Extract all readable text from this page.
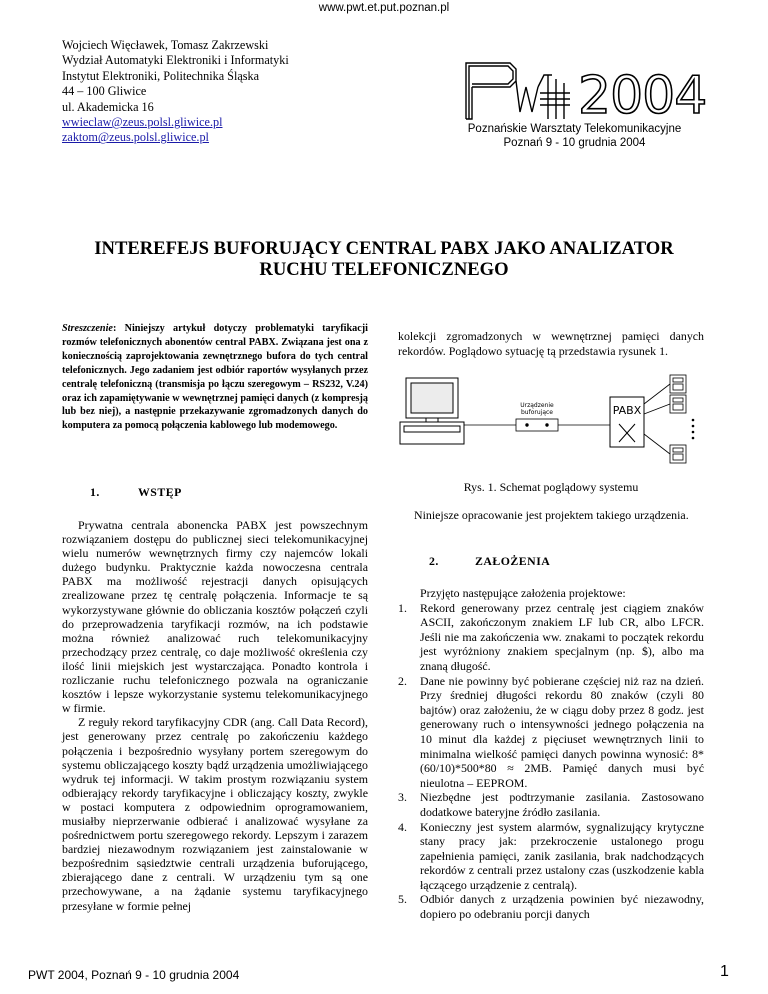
www.pwt.et.put.poznan.pl
Wojciech Więcławek, Tomasz Zakrzewski
Wydział Automatyki Elektroniki i Informatyki
Instytut Elektroniki, Politechnika Śląska
44 – 100 Gliwice
ul. Akademicka 16
wwieclaw@zeus.polsl.gliwice.pl
zaktom@zeus.polsl.gliwice.pl
2004
Poznańskie Warsztaty Telekomunikacyjne
Poznań 9 - 10 grudnia 2004
INTEREFEJS BUFORUJĄCY CENTRAL PABX JAKO ANALIZATOR
RUCHU TELEFONICZNEGO
Streszczenie: Niniejszy artykuł dotyczy problematyki taryfikacji rozmów telefonicznych abonentów central PABX. Związana jest ona z koniecznością zaprojektowania zewnętrznego bufora do tych central telefonicznych. Jego zadaniem jest odbiór raportów wysyłanych przez centralę telefoniczną (transmisja po łączu szeregowym – RS232, V.24) oraz ich zapamiętywanie w wewnętrznej pamięci danych (z kompresją lub bez niej), a następnie przekazywanie zgromadzonych danych do komputera za pomocą połączenia kablowego lub modemowego.
1.	WSTĘP

Prywatna centrala abonencka PABX jest powszechnym rozwiązaniem dostępu do publicznej sieci telekomunikacyjnej wielu numerów wewnętrznych firmy czy najemców lokali dużego budynku. Praktycznie każda nowoczesna centrala PABX ma możliwość rejestracji danych opisujących zrealizowane przez tę centralę połączenia. Informacje te są wykorzystywane głównie do obliczania kosztów połączeń czyli do przeprowadzenia taryfikacji rozmów, na ich podstawie można również analizować ruch telekomunikacyjny przechodzący przez centralę, co daje możliwość określenia czy ilość linii miejskich jest wystarczająca. Ponadto kontrola i rozliczanie ruchu telefonicznego pozwala na ograniczanie kosztów i lepsze wykorzystanie systemu telekomunikacyjnego w firmie.

Z reguły rekord taryfikacyjny CDR (ang. Call Data Record), jest generowany przez centralę po zakończeniu każdego połączenia i bezpośrednio wysyłany portem szeregowym do systemu obliczającego koszty bądź urządzenia umożliwiającego wydruk tej informacji. W takim prostym rozwiązaniu system odbierający rekordy taryfikacyjne i obliczający koszty, zwykle w postaci komputera z odpowiednim oprogramowaniem, musiałby nieprzerwanie odbierać i analizować wysyłane za pośrednictwem portu szeregowego rekordy. Lepszym i zarazem bardziej niezawodnym rozwiązaniem jest zainstalowanie w bezpośrednim sąsiedztwie centrali urządzenia buforującego, zbierającego dane z centrali. W urządzeniu tym są one przechowywane, a na żądanie systemu taryfikacyjnego przesyłane w formie pełnej

kolekcji zgromadzonych w wewnętrznej pamięci danych rekordów. Poglądowo sytuację tą przedstawia rysunek 1.
Urządzenie
buforujące	PABX
Rys. 1. Schemat poglądowy systemu

Niniejsze opracowanie jest projektem takiego urządzenia.

2.	ZAŁOŻENIA
Przyjęto następujące założenia projektowe:
1. Rekord generowany przez centralę jest ciągiem znaków ASCII, zakończonym znakiem LF lub CR, albo LFCR. Jeśli nie ma zakończenia ww. znakami to początek rekordu jest wyróżniony znakiem specjalnym (np. $), albo ma znaną długość.
2. Dane nie powinny być pobierane częściej niż raz na dzień. Przy średniej długości rekordu 80 znaków (czyli 80 bajtów) oraz założeniu, że w ciągu doby przez 8 godz. jest generowany ruch o intensywności jednego połączenia na 10 minut dla każdej z pięciuset wewnętrznych linii to minimalna wielkość pamięci danych powinna wynosić: 8*(60/10)*500*80 ≈ 2MB. Pamięć danych musi być nieulotna – EEPROM.
3. Niezbędne jest podtrzymanie zasilania. Zastosowano dodatkowe bateryjne źródło zasilania.
4. Konieczny jest system alarmów, sygnalizujący krytyczne stany pracy jak: przekroczenie ustalonego progu zapełnienia pamięci, zanik zasilania, brak nadchodzących rekordów z centrali przez ustalony czas (uszkodzenie kabla łączącego urządzenie z centralą).
5. Odbiór danych z urządzenia powinien być niezawodny, dopiero po odebraniu porcji danych
PWT 2004, Poznań 9 - 10 grudnia 2004	1
